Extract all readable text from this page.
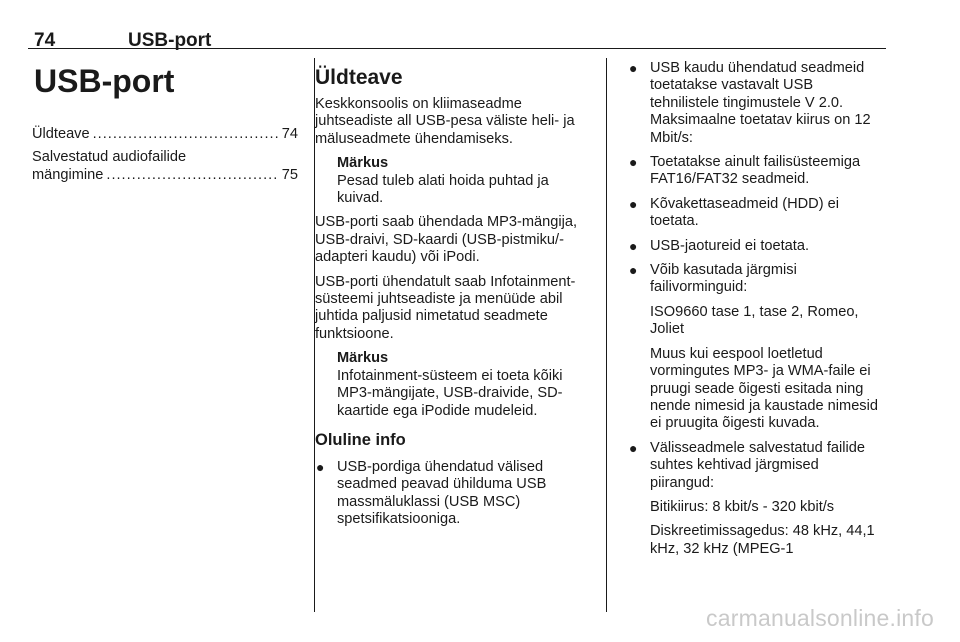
74	USB-port
USB-port
Üldteave .....	74
Salvestatud audiofailide
mängimine .....	75
Üldteave

Keskkonsoolis on kliimaseadme juhtseadiste all USB-pesa väliste heli- ja mäluseadmete ühendamiseks.

Märkus
Pesad tuleb alati hoida puhtad ja kuivad.

USB-porti saab ühendada MP3-mängija, USB-draivi, SD-kaardi (USB-pistmiku/-adapteri kaudu) või iPodi.

USB-porti ühendatult saab Infotainment-süsteemi juhtseadiste ja menüüde abil juhtida paljusid nimetatud seadmete funktsioone.

Märkus
Infotainment-süsteem ei toeta kõiki MP3-mängijate, USB-draivide, SD-kaartide ega iPodide mudeleid.
Oluline info
● USB-pordiga ühendatud välised seadmed peavad ühilduma USB massmäluklassi (USB MSC) spetsifikatsiooniga.
● USB kaudu ühendatud seadmeid toetatakse vastavalt USB tehnilistele tingimustele V 2.0. Maksimaalne toetatav kiirus on 12 Mbit/s:
● Toetatakse ainult failisüsteemiga FAT16/FAT32 seadmeid.
● Kõvakettaseadmeid (HDD) ei toetata.
● USB-jaotureid ei toetata.
● Võib kasutada järgmisi failivorminguid:

ISO9660 tase 1, tase 2, Romeo, Joliet

Muus kui eespool loetletud vormingutes MP3- ja WMA-faile ei pruugi seade õigesti esitada ning nende nimesid ja kaustade nimesid ei pruugita õigesti kuvada.

● Välisseadmele salvestatud failide suhtes kehtivad järgmised piirangud:

Bitikiirus: 8 kbit/s - 320 kbit/s

Diskreetimissagedus: 48 kHz, 44,1 kHz, 32 kHz (MPEG-1

carmanualsonline.info
